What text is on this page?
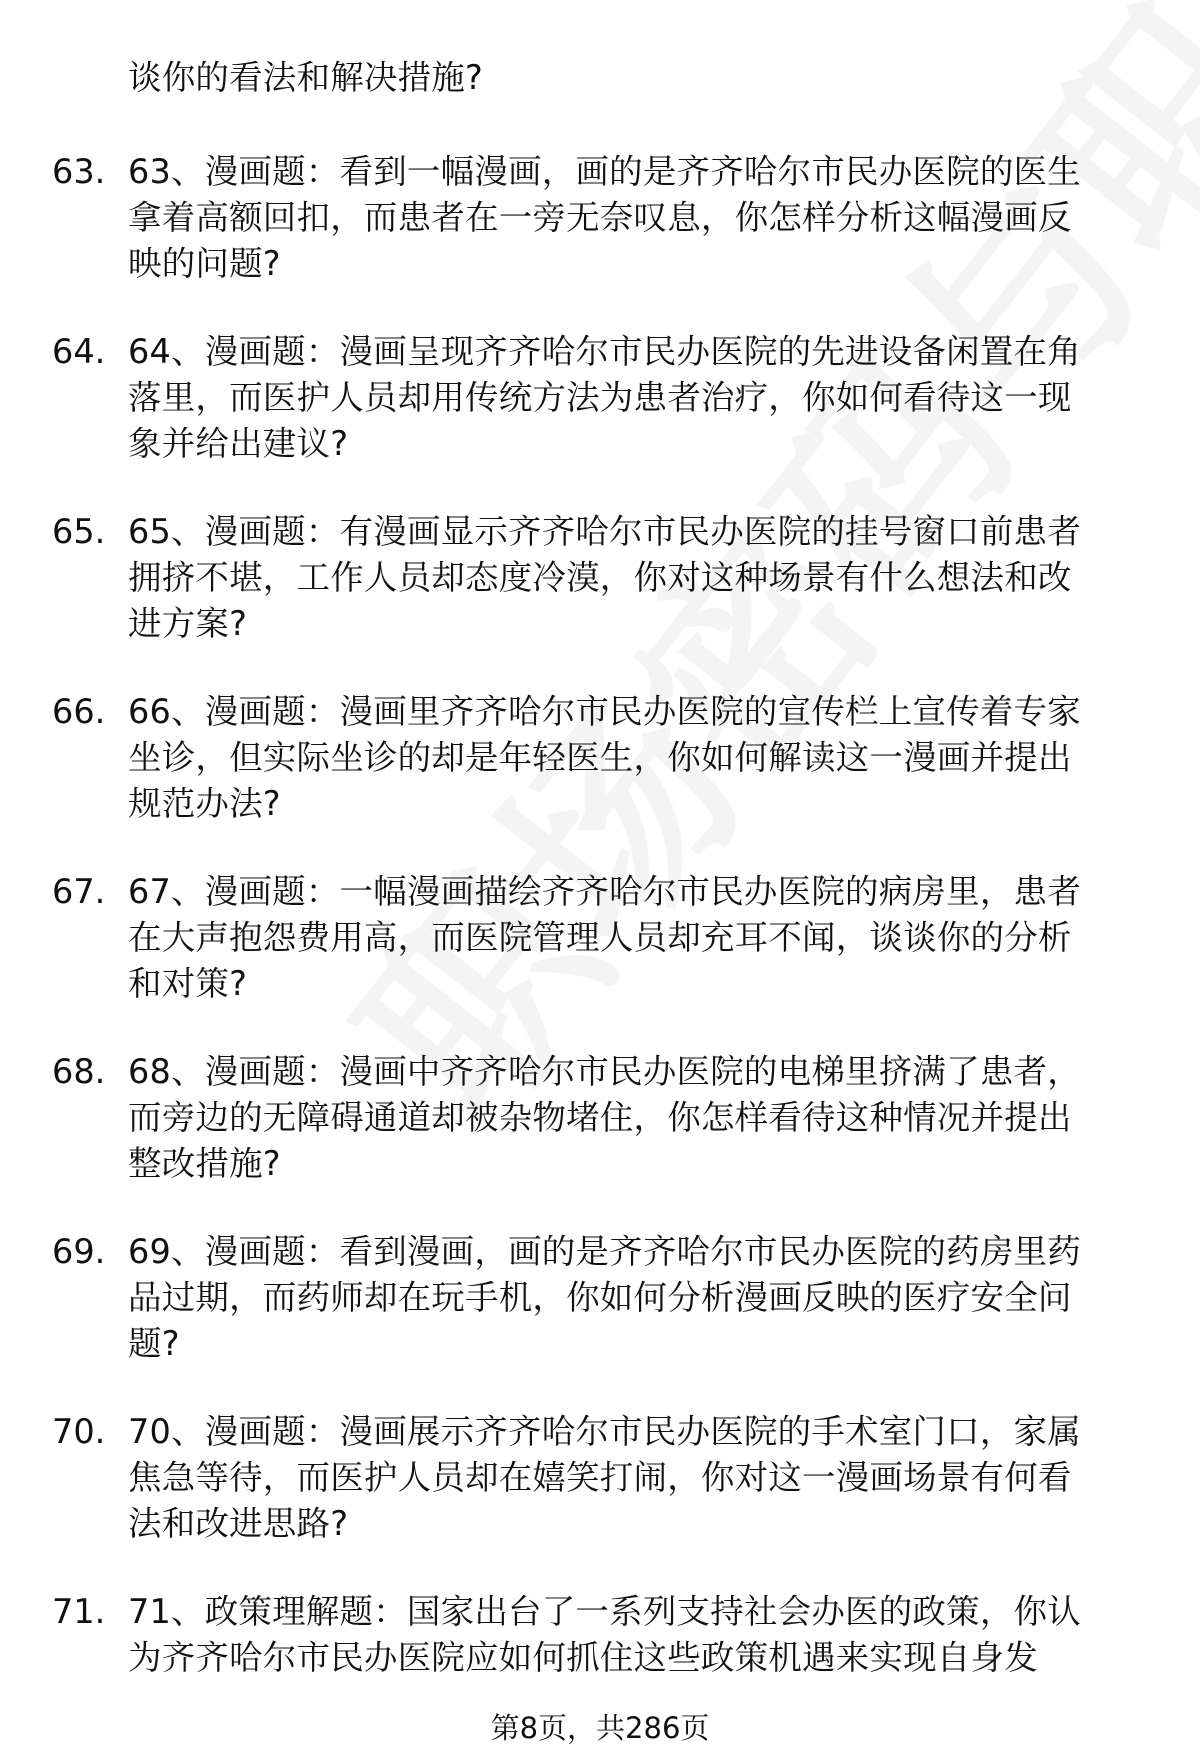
谈你的看法和解决措施?
63. 63、漫画题：看到一幅漫画，画的是齐齐哈尔市民办医院的医生
拿着高额回扣，而患者在一旁无奈叹息，你怎样分析这幅漫画反
映的问题?
64. 64、漫画题：漫画呈现齐齐哈尔市民办医院的先进设备闲置在角
落里，而医护人员却用传统方法为患者治疗，你如何看待这一现
象并给出建议?
65. 65、漫画题：有漫画显示齐齐哈尔市民办医院的挂号窗口前患者
拥挤不堪，工作人员却态度冷漠，你对这种场景有什么想法和改
进方案?
66. 66、漫画题：漫画里齐齐哈尔市民办医院的宣传栏上宣传着专家
坐诊，但实际坐诊的却是年轻医生，你如何解读这一漫画并提出
规范办法?
67. 67、漫画题：一幅漫画描绘齐齐哈尔市民办医院的病房里，患者
在大声抱怨费用高，而医院管理人员却充耳不闻，谈谈你的分析
和对策?
68. 68、漫画题：漫画中齐齐哈尔市民办医院的电梯里挤满了患者，
而旁边的无障碍通道却被杂物堵住，你怎样看待这种情况并提出
整改措施?
69. 69、漫画题：看到漫画，画的是齐齐哈尔市民办医院的药房里药
品过期，而药师却在玩手机，你如何分析漫画反映的医疗安全问
题?
70. 70、漫画题：漫画展示齐齐哈尔市民办医院的手术室门口，家属
焦急等待，而医护人员却在嬉笑打闹，你对这一漫画场景有何看
法和改进思路?
71. 71、政策理解题：国家出台了一系列支持社会办医的政策，你认
为齐齐哈尔市民办医院应如何抓住这些政策机遇来实现自身发
第8页，共286页
